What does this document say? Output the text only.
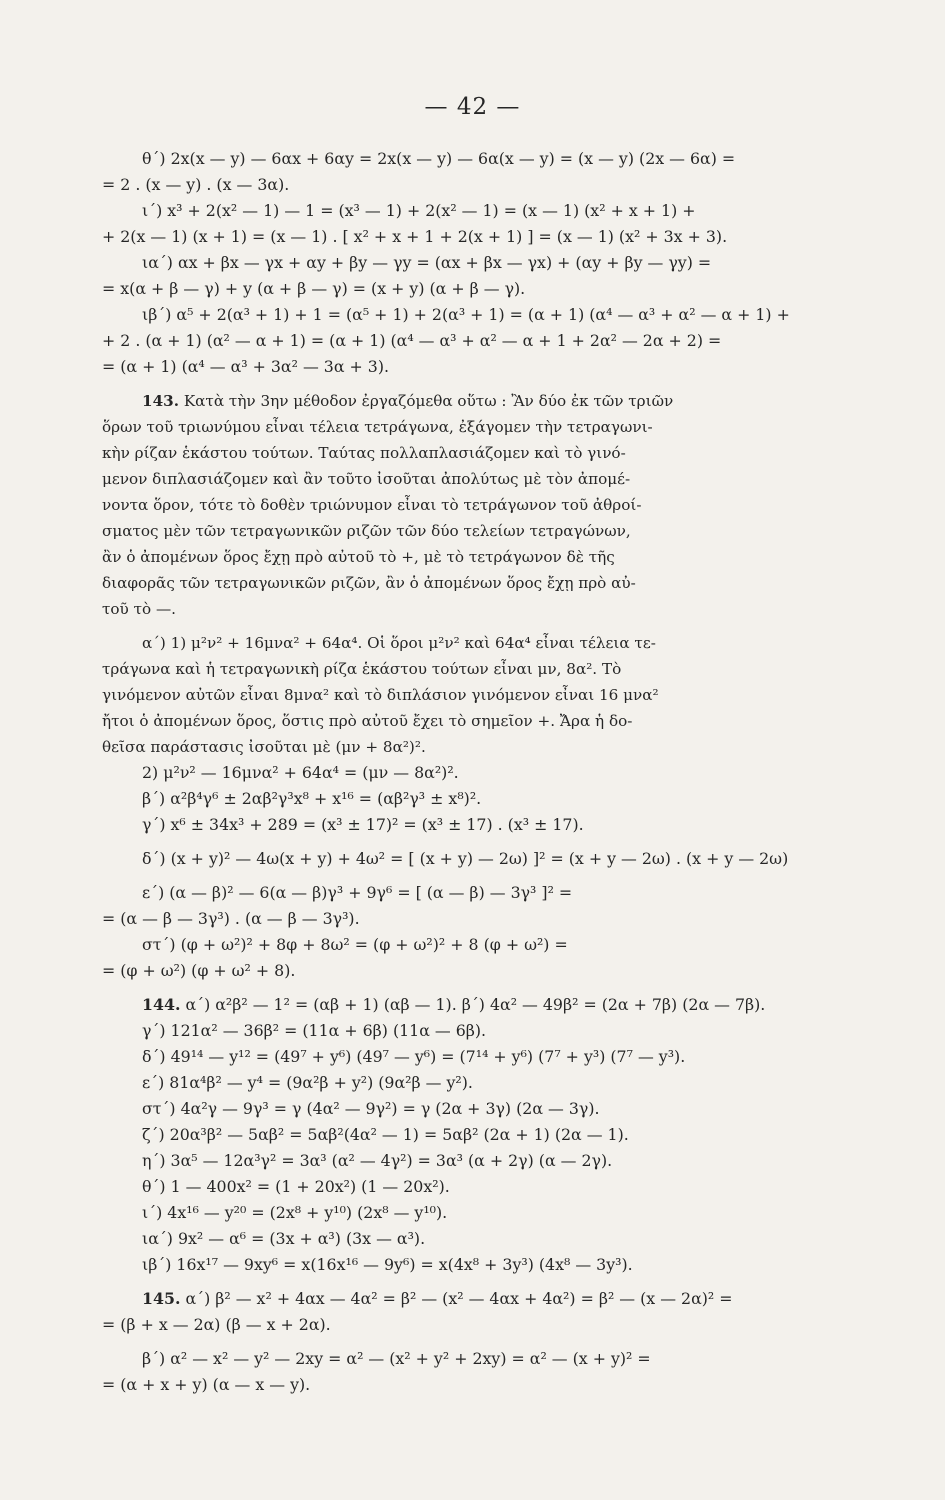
— 42 —
θ΄) 2x(x — y) — 6αx + 6αy = 2x(x — y) — 6α(x — y) = (x — y) (2x — 6α) =
= 2 . (x — y) . (x — 3α).
ι΄) x³ + 2(x² — 1) — 1 = (x³ — 1) + 2(x² — 1) = (x — 1) (x² + x + 1) +
+ 2(x — 1) (x + 1) = (x — 1) . [ x² + x + 1 + 2(x + 1) ] = (x — 1) (x² + 3x + 3).
ια΄) αx + βx — γx + αy + βy — γy = (αx + βx — γx) + (αy + βy — γy) =
= x(α + β — γ) + y (α + β — γ) = (x + y) (α + β — γ).
ιβ΄) α⁵ + 2(α³ + 1) + 1 = (α⁵ + 1) + 2(α³ + 1) = (α + 1) (α⁴ — α³ + α² — α + 1) +
+ 2 . (α + 1) (α² — α + 1) = (α + 1) (α⁴ — α³ + α² — α + 1 + 2α² — 2α + 2) =
= (α + 1) (α⁴ — α³ + 3α² — 3α + 3).
143. Κατὰ τὴν 3ην μέθοδον ἐργαζόμεθα οὕτω : Ἂν δύο ἐκ τῶν τριῶν
ὅρων τοῦ τριωνύμου εἶναι τέλεια τετράγωνα, ἐξάγομεν τὴν τετραγωνι-
κὴν ρίζαν ἑκάστου τούτων. Ταύτας πολλαπλασιάζομεν καὶ τὸ γινό-
μενον διπλασιάζομεν καὶ ἂν τοῦτο ἰσοῦται ἀπολύτως μὲ τὸν ἀπομέ-
νοντα ὅρον, τότε τὸ δοθὲν τριώνυμον εἶναι τὸ τετράγωνον τοῦ ἀθροί-
σματος μὲν τῶν τετραγωνικῶν ριζῶν τῶν δύο τελείων τετραγώνων,
ἂν ὁ ἀπομένων ὅρος ἔχῃ πρὸ αὐτοῦ τὸ +, μὲ τὸ τετράγωνον δὲ τῆς
διαφορᾶς τῶν τετραγωνικῶν ριζῶν, ἂν ὁ ἀπομένων ὅρος ἔχῃ πρὸ αὐ-
τοῦ τὸ —.
α΄) 1) μ²ν² + 16μνα² + 64α⁴. Οἱ ὅροι μ²ν² καὶ 64α⁴ εἶναι τέλεια τε-
τράγωνα καὶ ἡ τετραγωνικὴ ρίζα ἑκάστου τούτων εἶναι μν, 8α². Τὸ
γινόμενον αὐτῶν εἶναι 8μνα² καὶ τὸ διπλάσιον γινόμενον εἶναι 16 μνα²
ἤτοι ὁ ἀπομένων ὅρος, ὅστις πρὸ αὐτοῦ ἔχει τὸ σημεῖον +. Ἄρα ἡ δο-
θεῖσα παράστασις ἰσοῦται μὲ (μν + 8α²)².
2) μ²ν² — 16μνα² + 64α⁴ = (μν — 8α²)².
β΄) α²β⁴γ⁶ ± 2αβ²γ³x⁸ + x¹⁶ = (αβ²γ³ ± x⁸)².
γ΄) x⁶ ± 34x³ + 289 = (x³ ± 17)² = (x³ ± 17) . (x³ ± 17).
δ΄) (x + y)² — 4ω(x + y) + 4ω² = [ (x + y) — 2ω) ]² = (x + y — 2ω) . (x + y — 2ω)
ε΄) (α — β)² — 6(α — β)γ³ + 9γ⁶ = [ (α — β) — 3γ³ ]² =
= (α — β — 3γ³) . (α — β — 3γ³).
στ΄) (φ + ω²)² + 8φ + 8ω² = (φ + ω²)² + 8 (φ + ω²) =
= (φ + ω²) (φ + ω² + 8).
144. α΄) α²β² — 1² = (αβ + 1) (αβ — 1). β΄) 4α² — 49β² = (2α + 7β) (2α — 7β).
γ΄) 121α² — 36β² = (11α + 6β) (11α — 6β).
δ΄) 49¹⁴ — y¹² = (49⁷ + y⁶) (49⁷ — y⁶) = (7¹⁴ + y⁶) (7⁷ + y³) (7⁷ — y³).
ε΄) 81α⁴β² — y⁴ = (9α²β + y²) (9α²β — y²).
στ΄) 4α²γ — 9γ³ = γ (4α² — 9γ²) = γ (2α + 3γ) (2α — 3γ).
ζ΄) 20α³β² — 5αβ² = 5αβ²(4α² — 1) = 5αβ² (2α + 1) (2α — 1).
η΄) 3α⁵ — 12α³γ² = 3α³ (α² — 4γ²) = 3α³ (α + 2γ) (α — 2γ).
θ΄) 1 — 400x² = (1 + 20x²) (1 — 20x²).
ι΄) 4x¹⁶ — y²⁰ = (2x⁸ + y¹⁰) (2x⁸ — y¹⁰).
ια΄) 9x² — α⁶ = (3x + α³) (3x — α³).
ιβ΄) 16x¹⁷ — 9xy⁶ = x(16x¹⁶ — 9y⁶) = x(4x⁸ + 3y³) (4x⁸ — 3y³).
145. α΄) β² — x² + 4αx — 4α² = β² — (x² — 4αx + 4α²) = β² — (x — 2α)² =
= (β + x — 2α) (β — x + 2α).
β΄) α² — x² — y² — 2xy = α² — (x² + y² + 2xy) = α² — (x + y)² =
= (α + x + y) (α — x — y).
